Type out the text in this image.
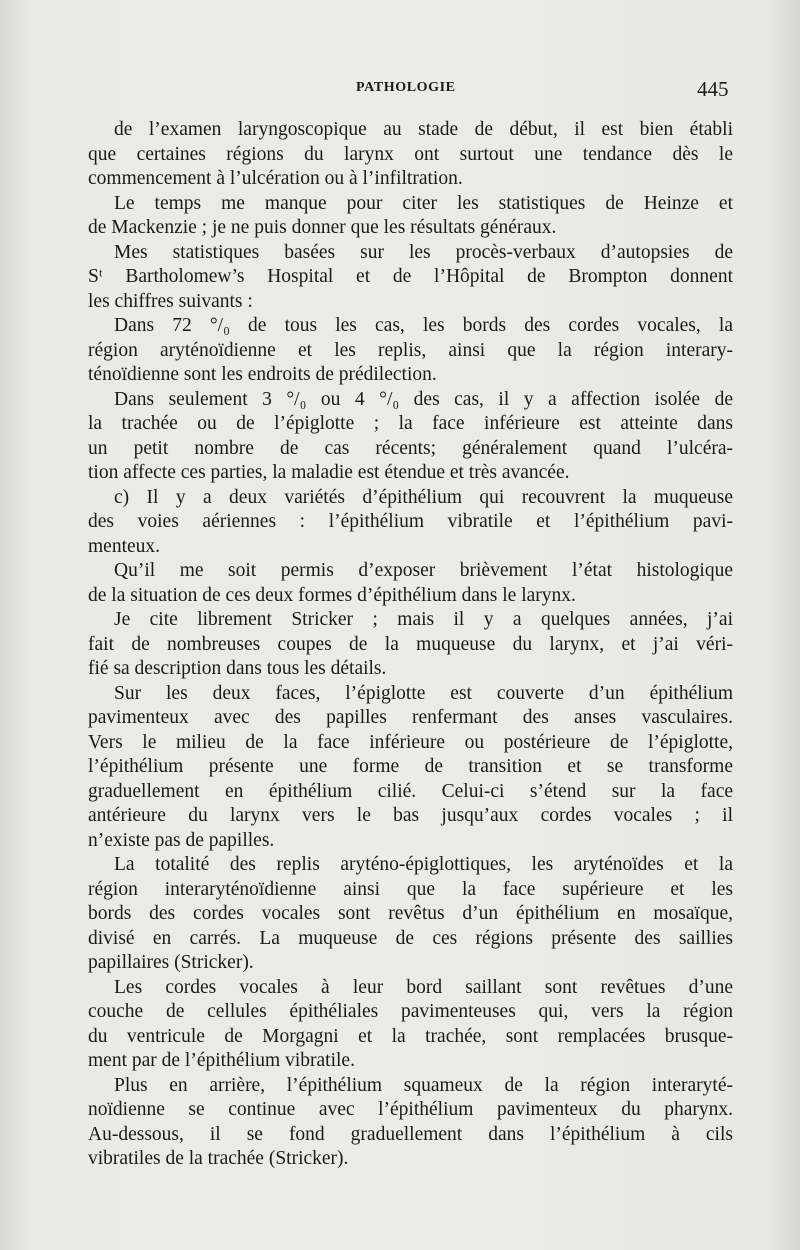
PATHOLOGIE	445

de l’examen laryngoscopique au stade de début, il est bien établi
que certaines régions du larynx ont surtout une tendance dès le
commencement à l’ulcération ou à l’infiltration.

Le temps me manque pour citer les statistiques de Heinze et
de Mackenzie ; je ne puis donner que les résultats généraux.

Mes statistiques basées sur les procès-verbaux d’autopsies de
Sᵗ Bartholomew’s Hospital et de l’Hôpital de Brompton donnent
les chiffres suivants :

Dans 72 °/₀ de tous les cas, les bords des cordes vocales, la
région aryténoïdienne et les replis, ainsi que la région interary-
ténoïdienne sont les endroits de prédilection.

Dans seulement 3 °/₀ ou 4 °/₀ des cas, il y a affection isolée de
la trachée ou de l’épiglotte ; la face inférieure est atteinte dans
un petit nombre de cas récents; généralement quand l’ulcéra-
tion affecte ces parties, la maladie est étendue et très avancée.

c) Il y a deux variétés d’épithélium qui recouvrent la muqueuse
des voies aériennes : l’épithélium vibratile et l’épithélium pavi-
menteux.

Qu’il me soit permis d’exposer brièvement l’état histologique
de la situation de ces deux formes d’épithélium dans le larynx.

Je cite librement Stricker ; mais il y a quelques années, j’ai
fait de nombreuses coupes de la muqueuse du larynx, et j’ai véri-
fié sa description dans tous les détails.

Sur les deux faces, l’épiglotte est couverte d’un épithélium
pavimenteux avec des papilles renfermant des anses vasculaires.
Vers le milieu de la face inférieure ou postérieure de l’épiglotte,
l’épithélium présente une forme de transition et se transforme
graduellement en épithélium cilié. Celui-ci s’étend sur la face
antérieure du larynx vers le bas jusqu’aux cordes vocales ; il
n’existe pas de papilles.

La totalité des replis aryténo-épiglottiques, les aryténoïdes et la
région interaryténoïdienne ainsi que la face supérieure et les
bords des cordes vocales sont revêtus d’un épithélium en mosaïque,
divisé en carrés. La muqueuse de ces régions présente des saillies
papillaires (Stricker).

Les cordes vocales à leur bord saillant sont revêtues d’une
couche de cellules épithéliales pavimenteuses qui, vers la région
du ventricule de Morgagni et la trachée, sont remplacées brusque-
ment par de l’épithélium vibratile.

Plus en arrière, l’épithélium squameux de la région interaryté-
noïdienne se continue avec l’épithélium pavimenteux du pharynx.
Au-dessous, il se fond graduellement dans l’épithélium à cils
vibratiles de la trachée (Stricker).
